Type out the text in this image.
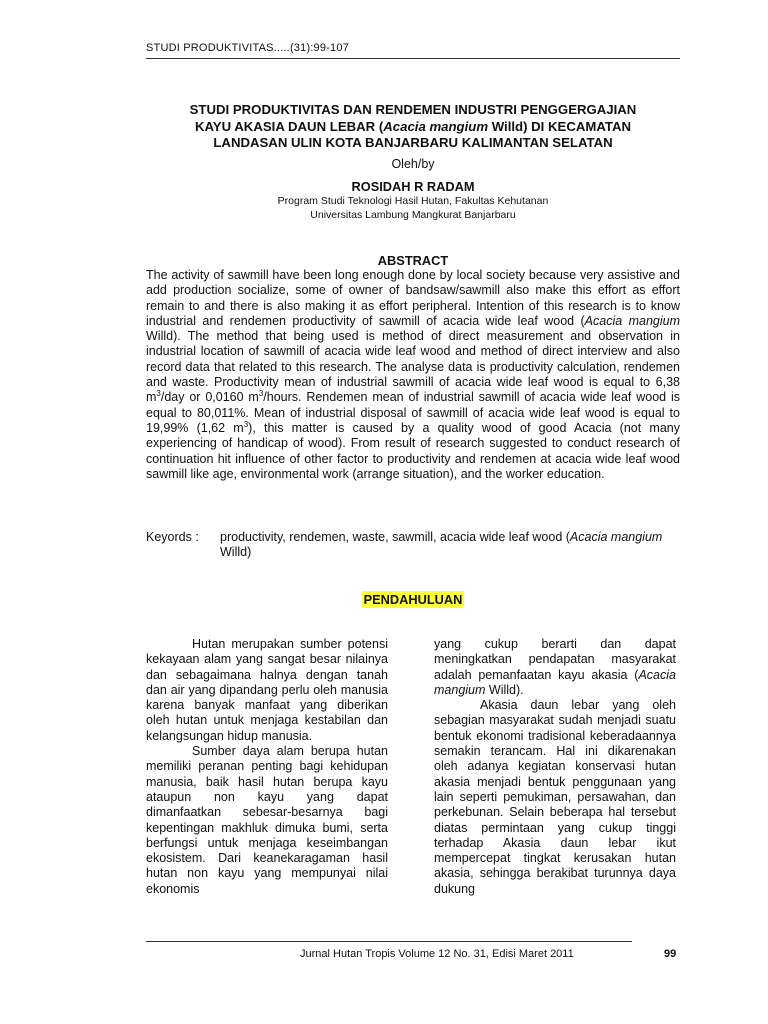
STUDI PRODUKTIVITAS.....(31):99-107
STUDI PRODUKTIVITAS DAN RENDEMEN INDUSTRI PENGGERGAJIAN
KAYU AKASIA DAUN LEBAR (Acacia mangium Willd) DI KECAMATAN
LANDASAN ULIN KOTA BANJARBARU KALIMANTAN SELATAN
Oleh/by
ROSIDAH R RADAM
Program Studi Teknologi Hasil Hutan, Fakultas Kehutanan
Universitas Lambung Mangkurat Banjarbaru
ABSTRACT
The activity of sawmill have been long enough done by local society because very assistive and add production socialize, some of owner of bandsaw/sawmill also make this effort as effort remain to and there is also making it as effort peripheral. Intention of this research is to know industrial and rendemen productivity of sawmill of acacia wide leaf wood (Acacia mangium Willd). The method that being used is method of direct measurement and observation in industrial location of sawmill of acacia wide leaf wood and method of direct interview and also record data that related to this research. The analyse data is productivity calculation, rendemen and waste. Productivity mean of industrial sawmill of acacia wide leaf wood is equal to 6,38 $m^3$/day or 0,0160 $m^3$/hours. Rendemen mean of industrial sawmill of acacia wide leaf wood is equal to 80,011%. Mean of industrial disposal of sawmill of acacia wide leaf wood is equal to 19,99% (1,62 $m^3$), this matter is caused by a quality wood of good Acacia (not many experiencing of handicap of wood). From result of research suggested to conduct research of continuation hit influence of other factor to productivity and rendemen at acacia wide leaf wood sawmill like age, environmental work (arrange situation), and the worker education.
Keyords :	productivity, rendemen, waste, sawmill, acacia wide leaf wood (Acacia mangium Willd)
PENDAHULUAN

Hutan merupakan sumber potensi kekayaan alam yang sangat besar nilainya dan sebagaimana halnya dengan tanah dan air yang dipandang perlu oleh manusia karena banyak manfaat yang diberikan oleh hutan untuk menjaga kestabilan dan kelangsungan hidup manusia.

Sumber daya alam berupa hutan memiliki peranan penting bagi kehidupan manusia, baik hasil hutan berupa kayu ataupun non kayu yang dapat dimanfaatkan sebesar-besarnya bagi kepentingan makhluk dimuka bumi, serta berfungsi untuk menjaga keseimbangan ekosistem. Dari keanekaragaman hasil hutan non kayu yang mempunyai nilai ekonomis

yang cukup berarti dan dapat meningkatkan pendapatan masyarakat adalah pemanfaatan kayu akasia (Acacia mangium Willd).

Akasia daun lebar yang oleh sebagian masyarakat sudah menjadi suatu bentuk ekonomi tradisional keberadaannya semakin terancam. Hal ini dikarenakan oleh adanya kegiatan konservasi hutan akasia menjadi bentuk penggunaan yang lain seperti pemukiman, persawahan, dan perkebunan. Selain beberapa hal tersebut diatas permintaan yang cukup tinggi terhadap Akasia daun lebar ikut mempercepat tingkat kerusakan hutan akasia, sehingga berakibat turunnya daya dukung

Jurnal Hutan Tropis Volume 12 No. 31, Edisi Maret 2011	99
